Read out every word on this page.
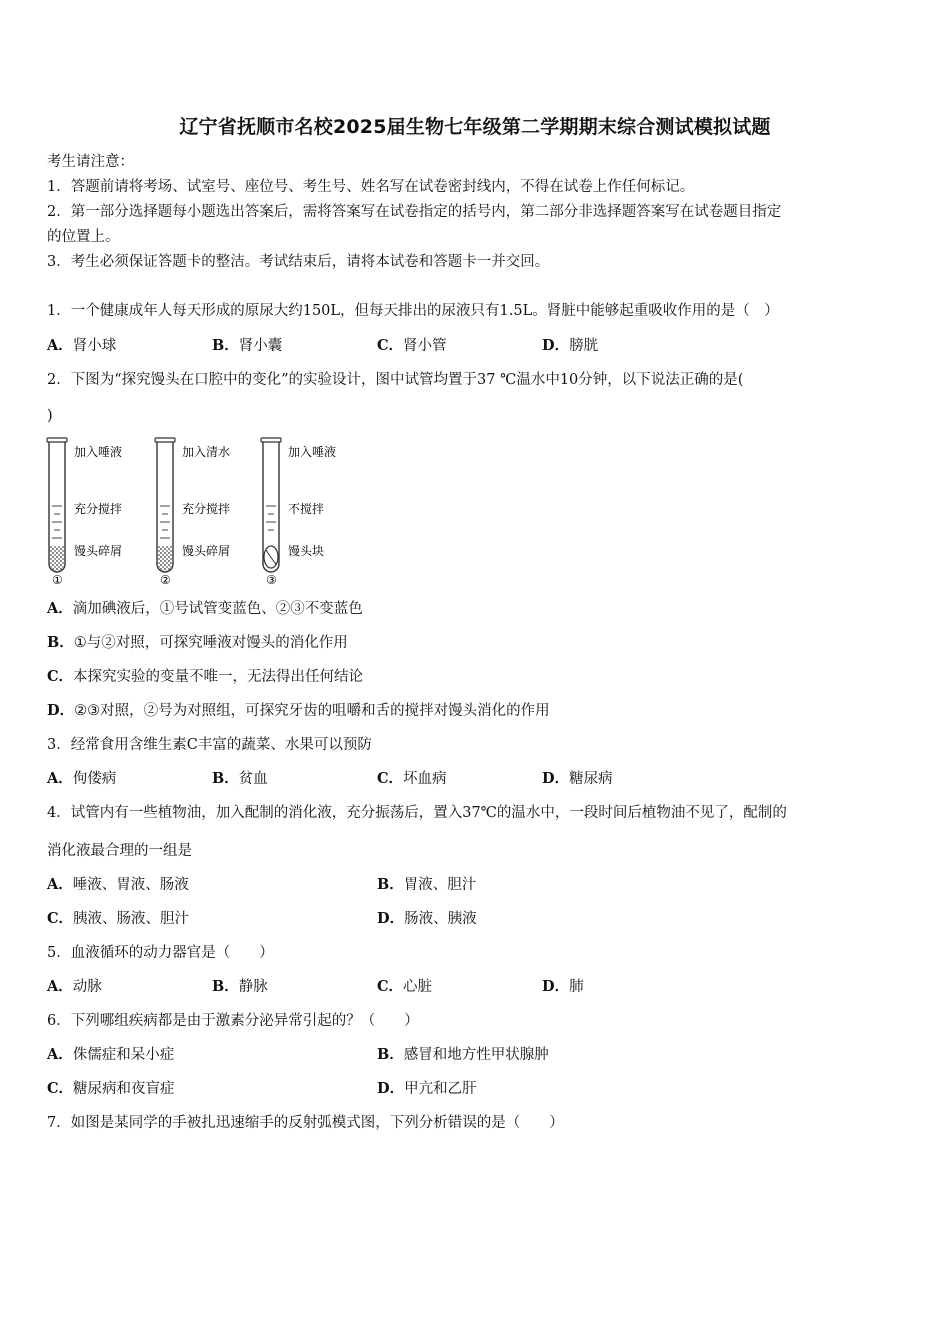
辽宁省抚顺市名校2025届生物七年级第二学期期末综合测试模拟试题
考生请注意：
1．答题前请将考场、试室号、座位号、考生号、姓名写在试卷密封线内，不得在试卷上作任何标记。
2．第一部分选择题每小题选出答案后，需将答案写在试卷指定的括号内，第二部分非选择题答案写在试卷题目指定
的位置上。
3．考生必须保证答题卡的整洁。考试结束后，请将本试卷和答题卡一并交回。
1．一个健康成年人每天形成的原尿大约150L，但每天排出的尿液只有1.5L。肾脏中能够起重吸收作用的是（　）
A．肾小球	B．肾小囊	C．肾小管	D．膀胱
2．下图为“探究馒头在口腔中的变化”的实验设计，图中试管均置于37 ℃温水中10分钟，以下说法正确的是(
)
加入唾液
充分搅拌
馒头碎屑
①
加入清水
充分搅拌
馒头碎屑
②
加入唾液
不搅拌
馒头块
③
A．滴加碘液后，①号试管变蓝色、②③不变蓝色
B．①与②对照，可探究唾液对馒头的消化作用
C．本探究实验的变量不唯一，无法得出任何结论
D．②③对照，②号为对照组，可探究牙齿的咀嚼和舌的搅拌对馒头消化的作用
3．经常食用含维生素C丰富的蔬菜、水果可以预防
A．佝偻病	B．贫血	C．坏血病	D．糖尿病
4．试管内有一些植物油，加入配制的消化液，充分振荡后，置入37℃的温水中，一段时间后植物油不见了，配制的
消化液最合理的一组是
A．唾液、胃液、肠液	B．胃液、胆汁
C．胰液、肠液、胆汁	D．肠液、胰液
5．血液循环的动力器官是（　　）
A．动脉	B．静脉	C．心脏	D．肺
6．下列哪组疾病都是由于激素分泌异常引起的？（　　）
A．侏儒症和呆小症	B．感冒和地方性甲状腺肿
C．糖尿病和夜盲症	D．甲亢和乙肝
7．如图是某同学的手被扎迅速缩手的反射弧模式图，下列分析错误的是（　　）
